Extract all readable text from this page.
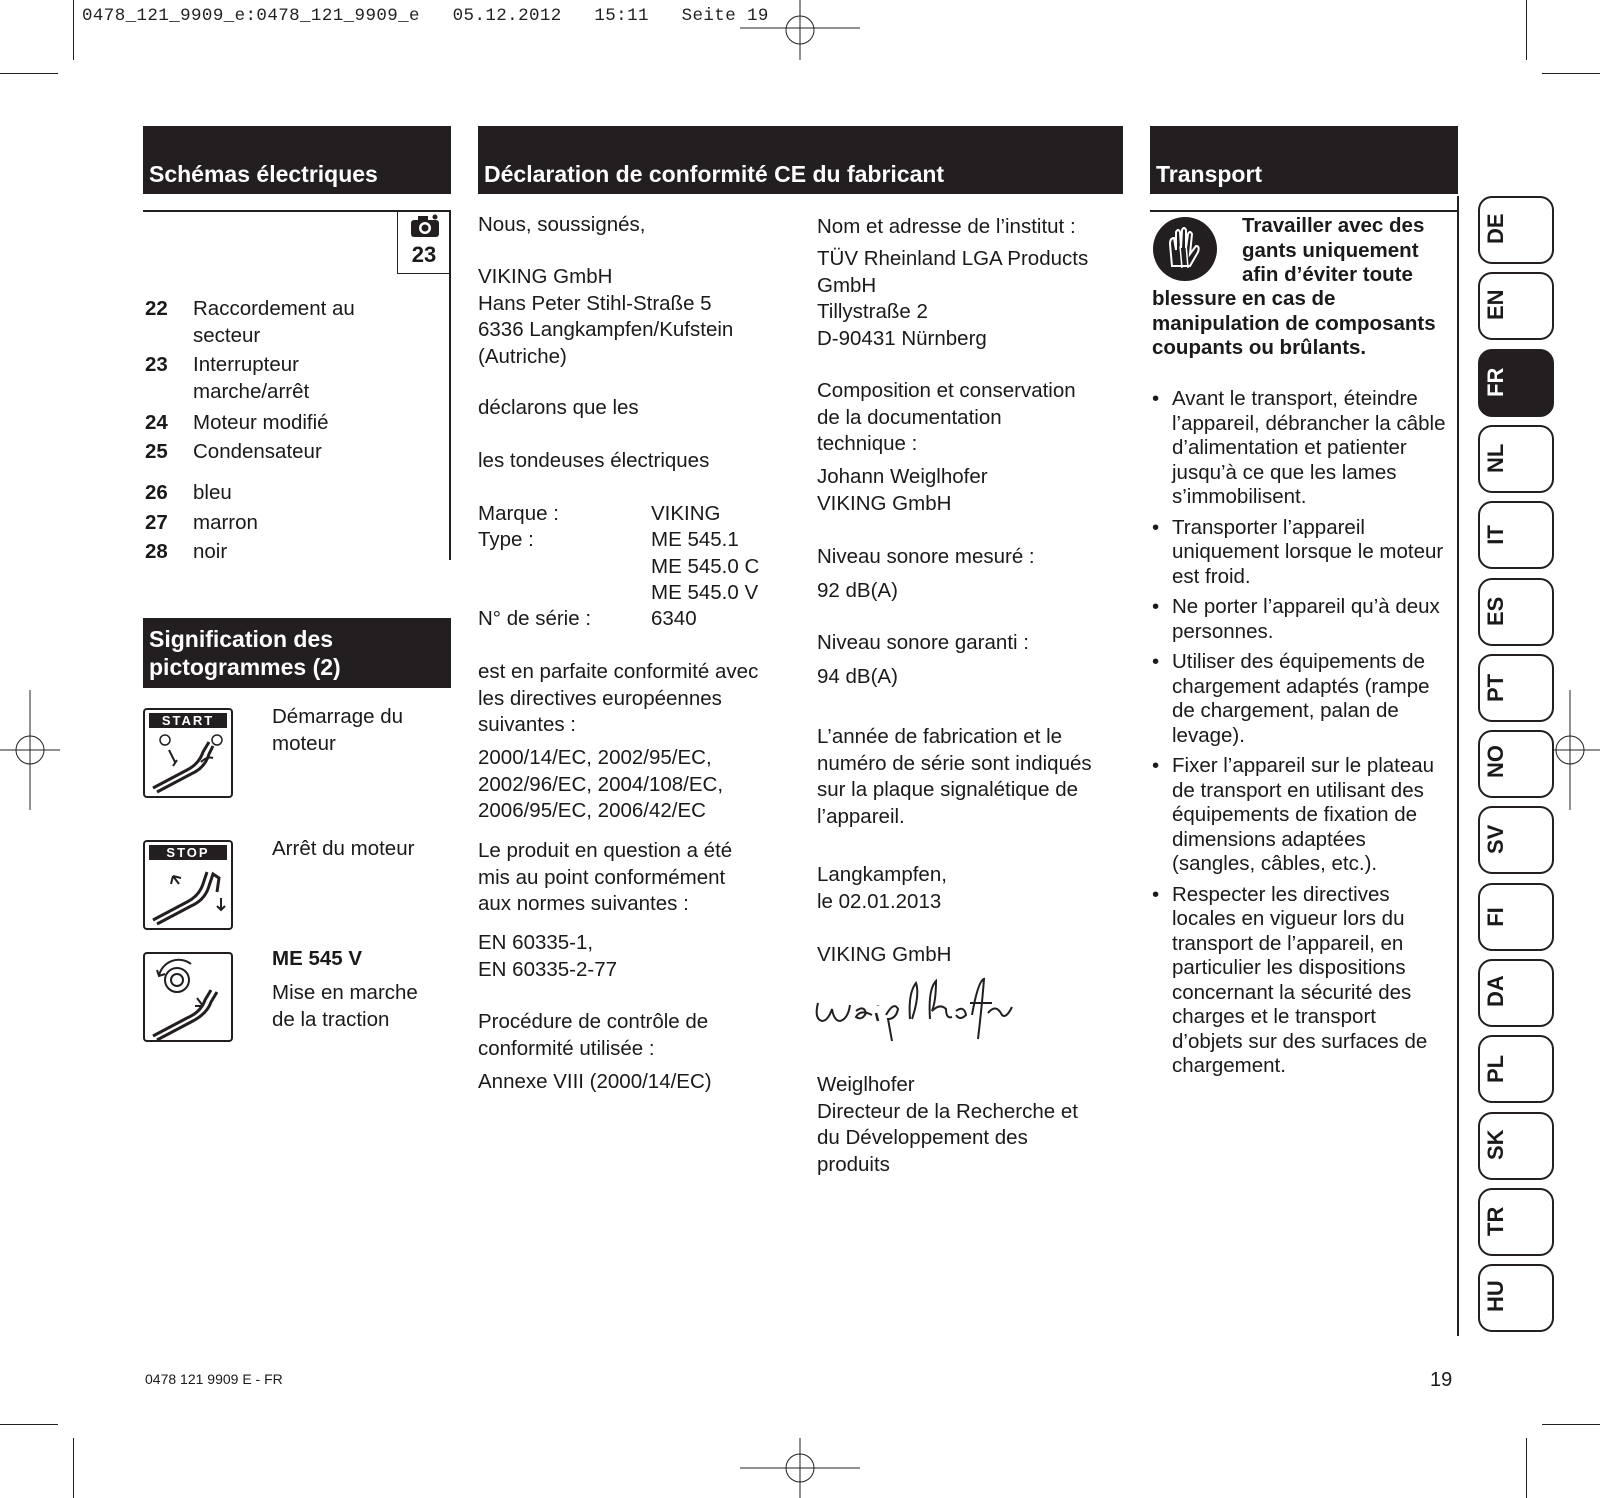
0478_121_9909_e:0478_121_9909_e   05.12.2012   15:11   Seite 19
Schémas électriques
23
22	Raccordement au
secteur
23	Interrupteur
marche/arrêt
24	Moteur modifié
25	Condensateur
26	bleu
27	marron
28	noir
Signification des
pictogrammes (2)
START	Démarrage du
moteur
STOP	Arrêt du moteur
ME 545 V
Mise en marche
de la traction
Déclaration de conformité CE du fabricant
Nous, soussignés,
VIKING GmbH
Hans Peter Stihl-Straße 5
6336 Langkampfen/Kufstein
(Autriche)
déclarons que les
les tondeuses électriques
Marque :	VIKING
Type :	ME 545.1
ME 545.0 C
ME 545.0 V
N° de série :	6340
est en parfaite conformité avec
les directives européennes
suivantes :
2000/14/EC, 2002/95/EC,
2002/96/EC, 2004/108/EC,
2006/95/EC, 2006/42/EC
Le produit en question a été
mis au point conformément
aux normes suivantes :
EN 60335-1,
EN 60335-2-77
Procédure de contrôle de
conformité utilisée :
Annexe VIII (2000/14/EC)
Nom et adresse de l’institut :
TÜV Rheinland LGA Products
GmbH
Tillystraße 2
D-90431 Nürnberg
Composition et conservation
de la documentation
technique :
Johann Weiglhofer
VIKING GmbH
Niveau sonore mesuré :
92 dB(A)
Niveau sonore garanti :
94 dB(A)
L’année de fabrication et le
numéro de série sont indiqués
sur la plaque signalétique de
l’appareil.
Langkampfen,
le 02.01.2013
VIKING GmbH
Weiglhofer
Directeur de la Recherche et
du Développement des
produits
Transport
Travailler avec des
gants uniquement
afin d’éviter toute
blessure en cas de
manipulation de composants
coupants ou brûlants.
• Avant le transport, éteindre l’appareil, débrancher la câble d’alimentation et patienter jusqu’à ce que les lames s’immobilisent.
• Transporter l’appareil uniquement lorsque le moteur est froid.
• Ne porter l’appareil qu’à deux personnes.
• Utiliser des équipements de chargement adaptés (rampe de chargement, palan de levage).
• Fixer l’appareil sur le plateau de transport en utilisant des équipements de fixation de dimensions adaptées (sangles, câbles, etc.).
• Respecter les directives locales en vigueur lors du transport de l’appareil, en particulier les dispositions concernant la sécurité des charges et le transport d’objets sur des surfaces de chargement.
DE
EN
FR
NL
IT
ES
PT
NO
SV
FI
DA
PL
SK
TR
HU
0478 121 9909 E - FR	19
